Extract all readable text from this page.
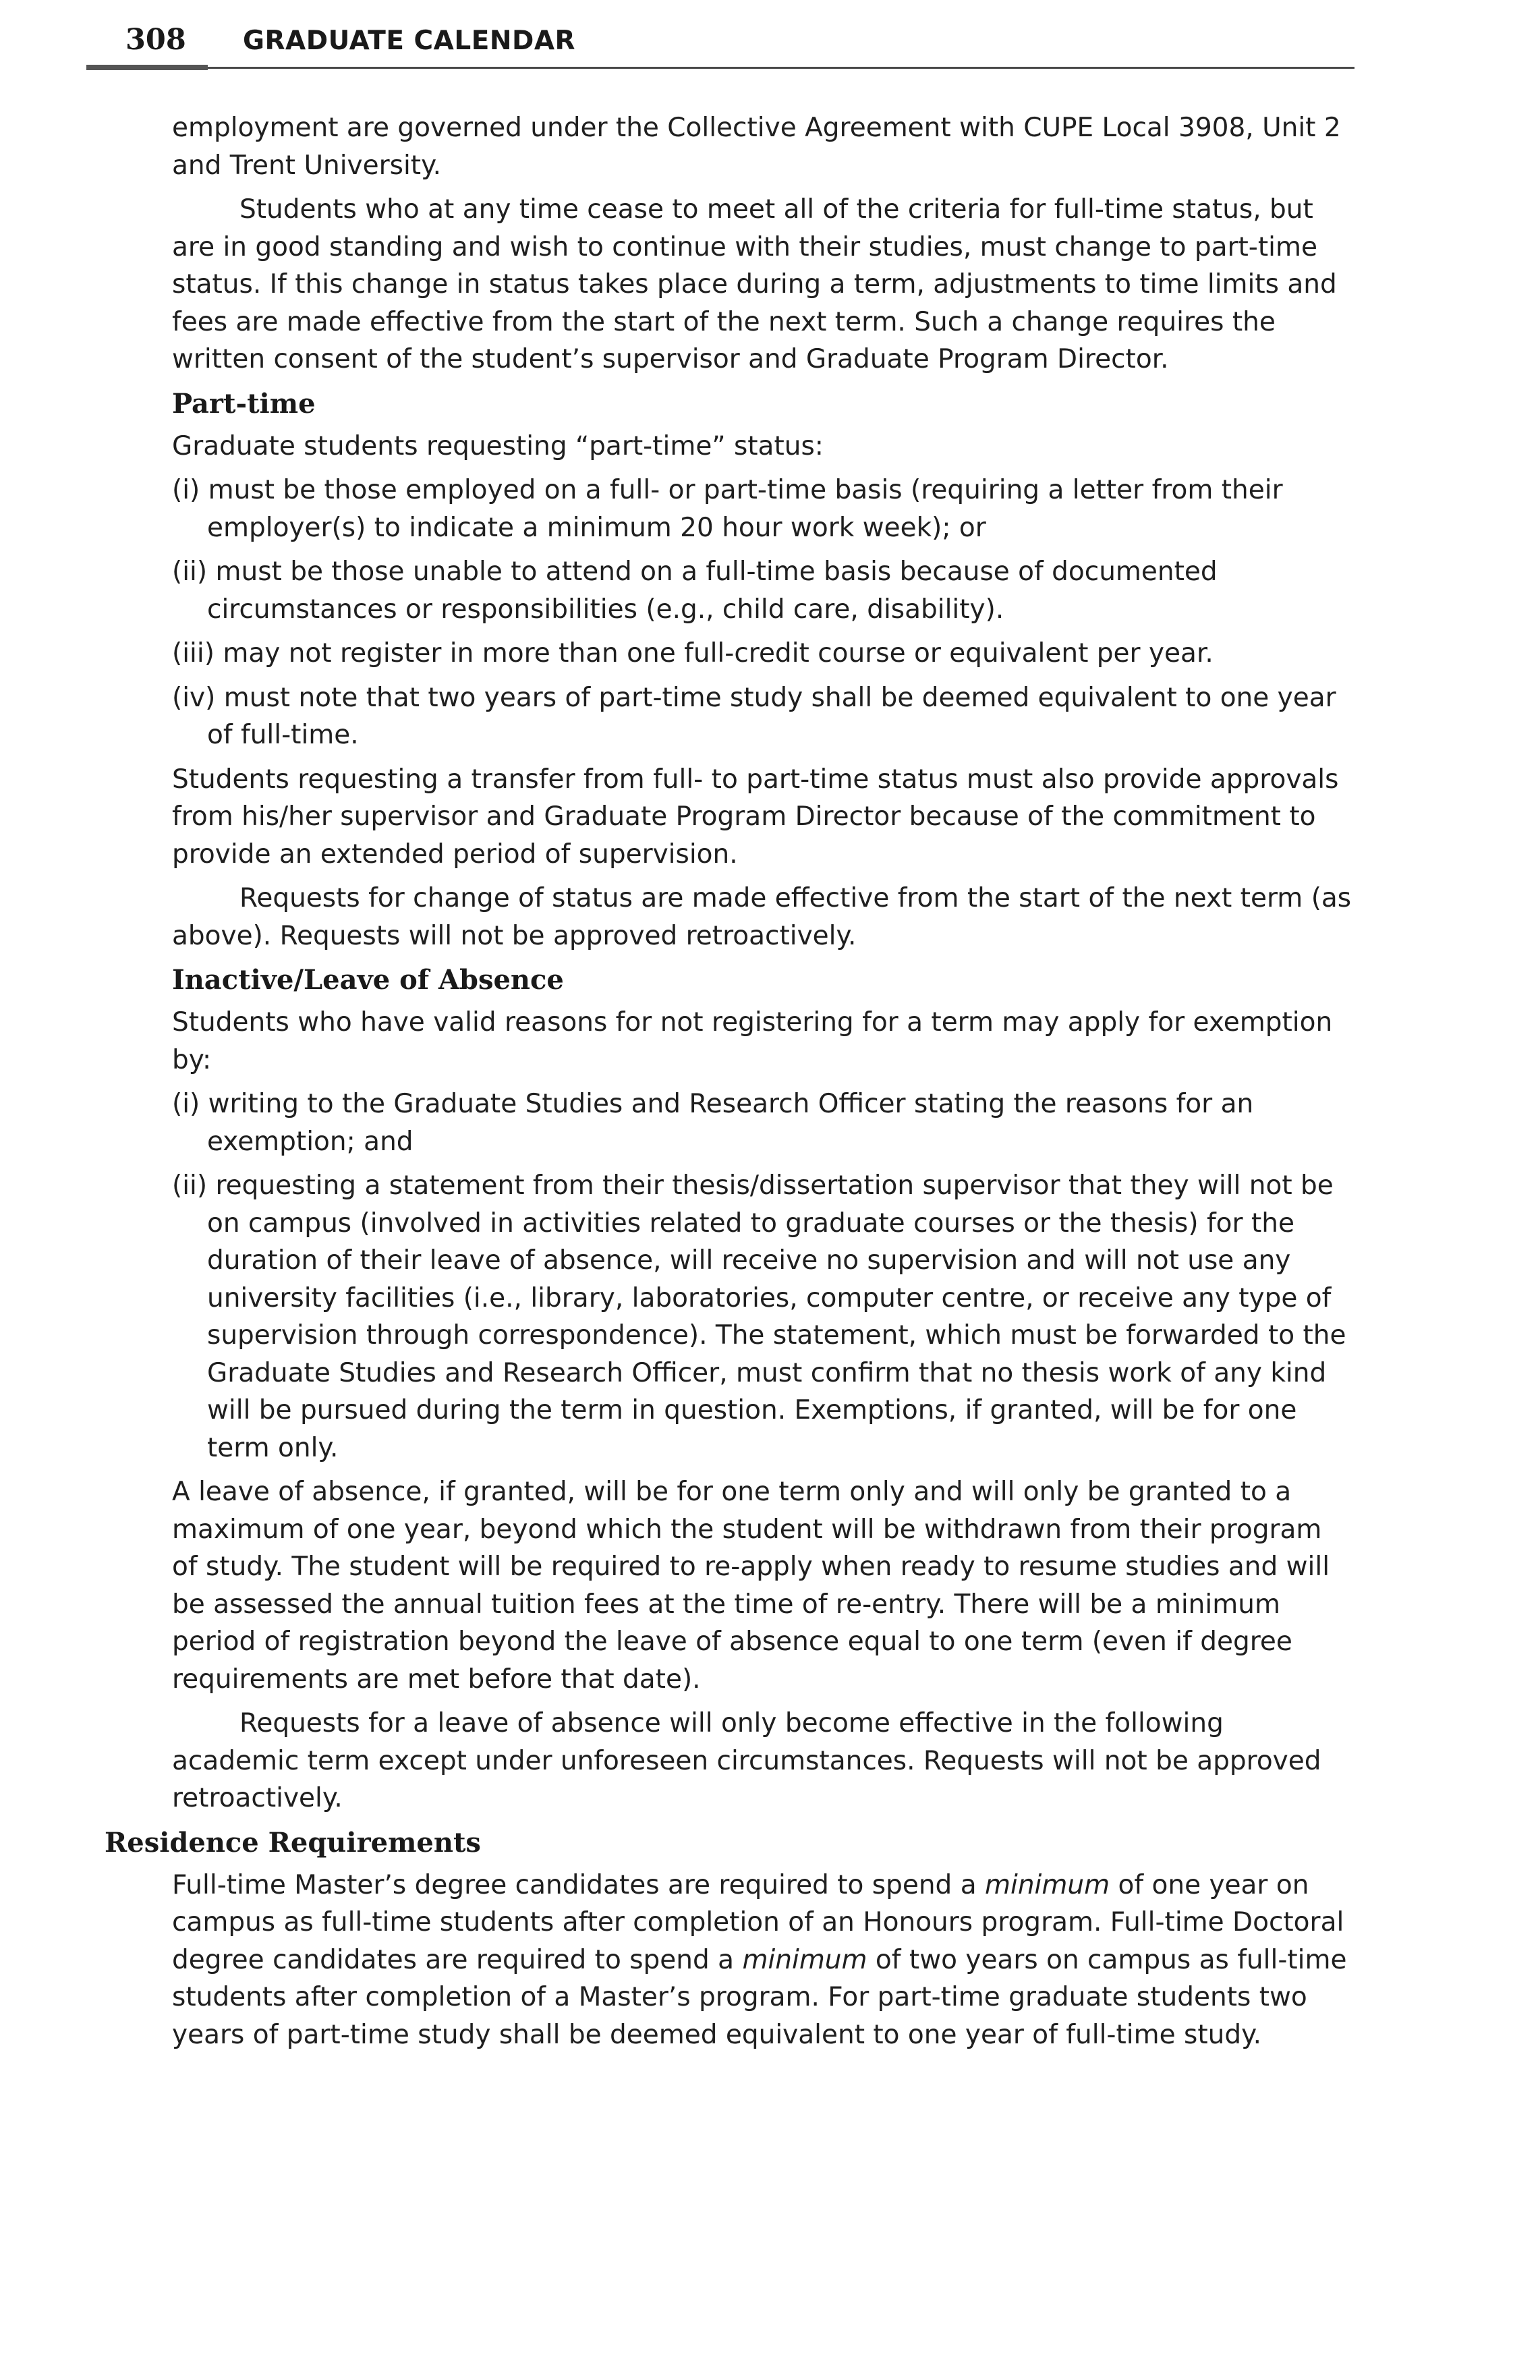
308 GRADUATE CALENDAR

employment are governed under the Collective Agreement with CUPE Local 3908, Unit 2 and Trent University.

Students who at any time cease to meet all of the criteria for full-time status, but are in good standing and wish to continue with their studies, must change to part-time status. If this change in status takes place during a term, adjustments to time limits and fees are made effective from the start of the next term. Such a change requires the written consent of the student’s supervisor and Graduate Program Director.

Part-time

Graduate students requesting “part-time” status:

(i) must be those employed on a full- or part-time basis (requiring a letter from their employer(s) to indicate a minimum 20 hour work week); or

(ii) must be those unable to attend on a full-time basis because of documented circumstances or responsibilities (e.g., child care, disability).

(iii) may not register in more than one full-credit course or equivalent per year.

(iv) must note that two years of part-time study shall be deemed equivalent to one year of full-time.

Students requesting a transfer from full- to part-time status must also provide approvals from his/her supervisor and Graduate Program Director because of the commitment to provide an extended period of supervision.

Requests for change of status are made effective from the start of the next term (as above). Requests will not be approved retroactively.

Inactive/Leave of Absence

Students who have valid reasons for not registering for a term may apply for exemption by:

(i) writing to the Graduate Studies and Research Officer stating the reasons for an exemption; and

(ii) requesting a statement from their thesis/dissertation supervisor that they will not be on campus (involved in activities related to graduate courses or the thesis) for the duration of their leave of absence, will receive no supervision and will not use any university facilities (i.e., library, laboratories, computer centre, or receive any type of supervision through correspondence). The statement, which must be forwarded to the Graduate Studies and Research Officer, must confirm that no thesis work of any kind will be pursued during the term in question. Exemptions, if granted, will be for one term only.

A leave of absence, if granted, will be for one term only and will only be granted to a maximum of one year, beyond which the student will be withdrawn from their program of study. The student will be required to re-apply when ready to resume studies and will be assessed the annual tuition fees at the time of re-entry. There will be a minimum period of registration beyond the leave of absence equal to one term (even if degree requirements are met before that date).

Requests for a leave of absence will only become effective in the following academic term except under unforeseen circumstances. Requests will not be approved retroactively.

Residence Requirements

Full-time Master’s degree candidates are required to spend a minimum of one year on campus as full-time students after completion of an Honours program. Full-time Doctoral degree candidates are required to spend a minimum of two years on campus as full-time students after completion of a Master’s program. For part-time graduate students two years of part-time study shall be deemed equivalent to one year of full-time study.
